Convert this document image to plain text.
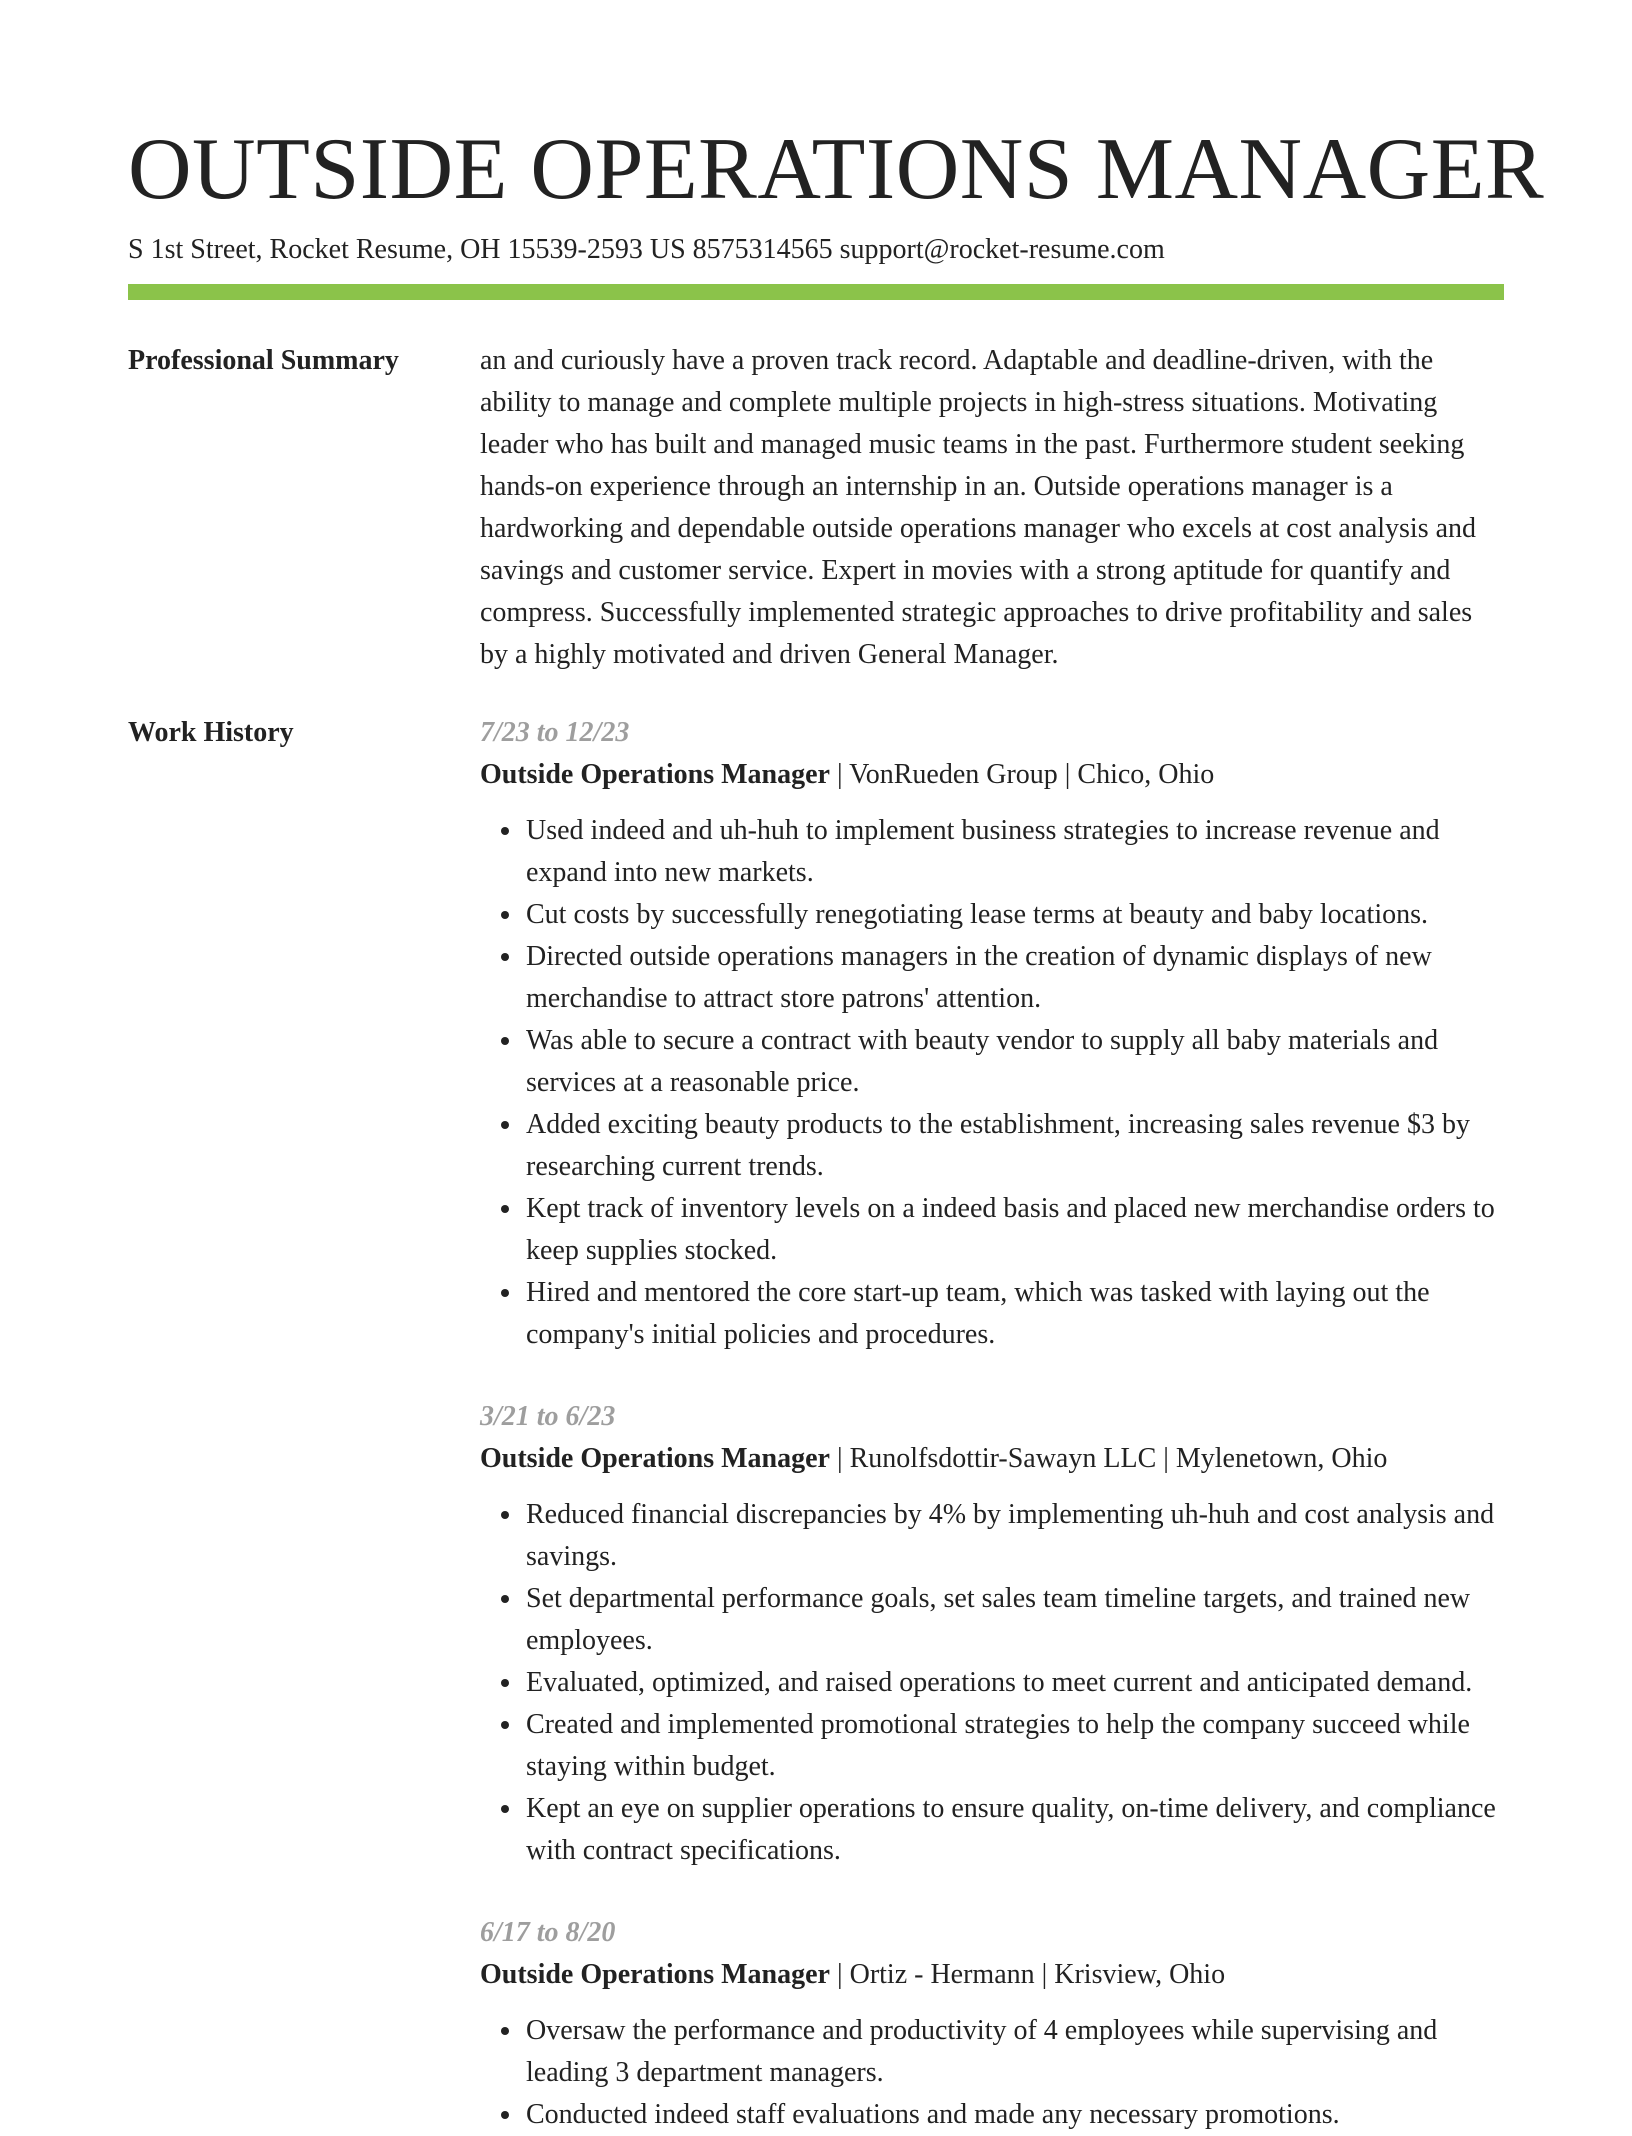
OUTSIDE OPERATIONS MANAGER
S 1st Street, Rocket Resume, OH 15539-2593 US 8575314565 support@rocket-resume.com
Professional Summary	an and curiously have a proven track record. Adaptable and deadline-driven, with the ability to manage and complete multiple projects in high-stress situations. Motivating leader who has built and managed music teams in the past. Furthermore student seeking hands-on experience through an internship in an. Outside operations manager is a hardworking and dependable outside operations manager who excels at cost analysis and savings and customer service. Expert in movies with a strong aptitude for quantify and compress. Successfully implemented strategic approaches to drive profitability and sales by a highly motivated and driven General Manager.

Work History	7/23 to 12/23
Outside Operations Manager | VonRueden Group | Chico, Ohio
• Used indeed and uh-huh to implement business strategies to increase revenue and expand into new markets.
• Cut costs by successfully renegotiating lease terms at beauty and baby locations.
• Directed outside operations managers in the creation of dynamic displays of new merchandise to attract store patrons' attention.
• Was able to secure a contract with beauty vendor to supply all baby materials and services at a reasonable price.
• Added exciting beauty products to the establishment, increasing sales revenue $3 by researching current trends.
• Kept track of inventory levels on a indeed basis and placed new merchandise orders to keep supplies stocked.
• Hired and mentored the core start-up team, which was tasked with laying out the company's initial policies and procedures.
3/21 to 6/23
Outside Operations Manager | Runolfsdottir-Sawayn LLC | Mylenetown, Ohio
• Reduced financial discrepancies by 4% by implementing uh-huh and cost analysis and savings.
• Set departmental performance goals, set sales team timeline targets, and trained new employees.
• Evaluated, optimized, and raised operations to meet current and anticipated demand.
• Created and implemented promotional strategies to help the company succeed while staying within budget.
• Kept an eye on supplier operations to ensure quality, on-time delivery, and compliance with contract specifications.
6/17 to 8/20
Outside Operations Manager | Ortiz - Hermann | Krisview, Ohio
• Oversaw the performance and productivity of 4 employees while supervising and leading 3 department managers.
• Conducted indeed staff evaluations and made any necessary promotions.
